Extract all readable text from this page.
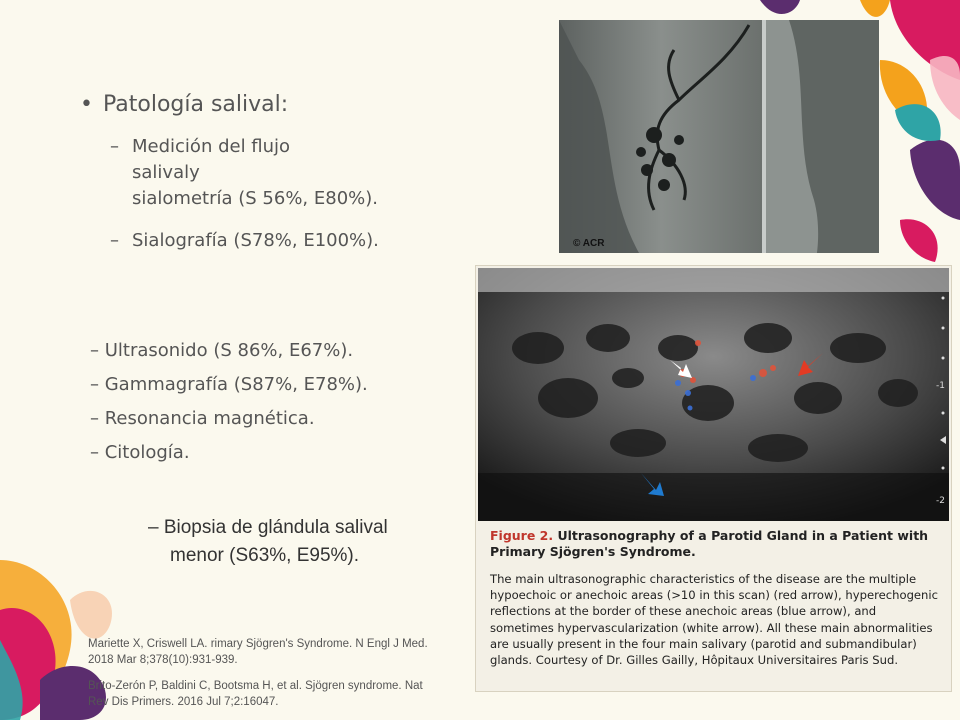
• Patología salival:
– Medición del flujo
salivaly
sialometría (S 56%, E80%).
– Sialografía (S78%, E100%).
– Ultrasonido (S 86%, E67%).
– Gammagrafía (S87%, E78%).
– Resonancia magnética.
– Citología.
– Biopsia de glándula salival
menor (S63%, E95%).
Mariette X, Criswell LA. rimary Sjögren's Syndrome. N Engl J Med. 2018 Mar 8;378(10):931-939.
Brito-Zerón P, Baldini C, Bootsma H, et al. Sjögren syndrome. Nat Rev Dis Primers. 2016 Jul 7;2:16047.
© ACR
-1
-2
Figure 2. Ultrasonography of a Parotid Gland in a Patient with Primary Sjögren's Syndrome.
The main ultrasonographic characteristics of the disease are the multiple hypoechoic or anechoic areas (>10 in this scan) (red arrow), hyperechogenic reflections at the border of these anechoic areas (blue arrow), and sometimes hypervascularization (white arrow). All these main abnormalities are usually present in the four main salivary (parotid and submandibular) glands. Courtesy of Dr. Gilles Gailly, Hôpitaux Universitaires Paris Sud.
